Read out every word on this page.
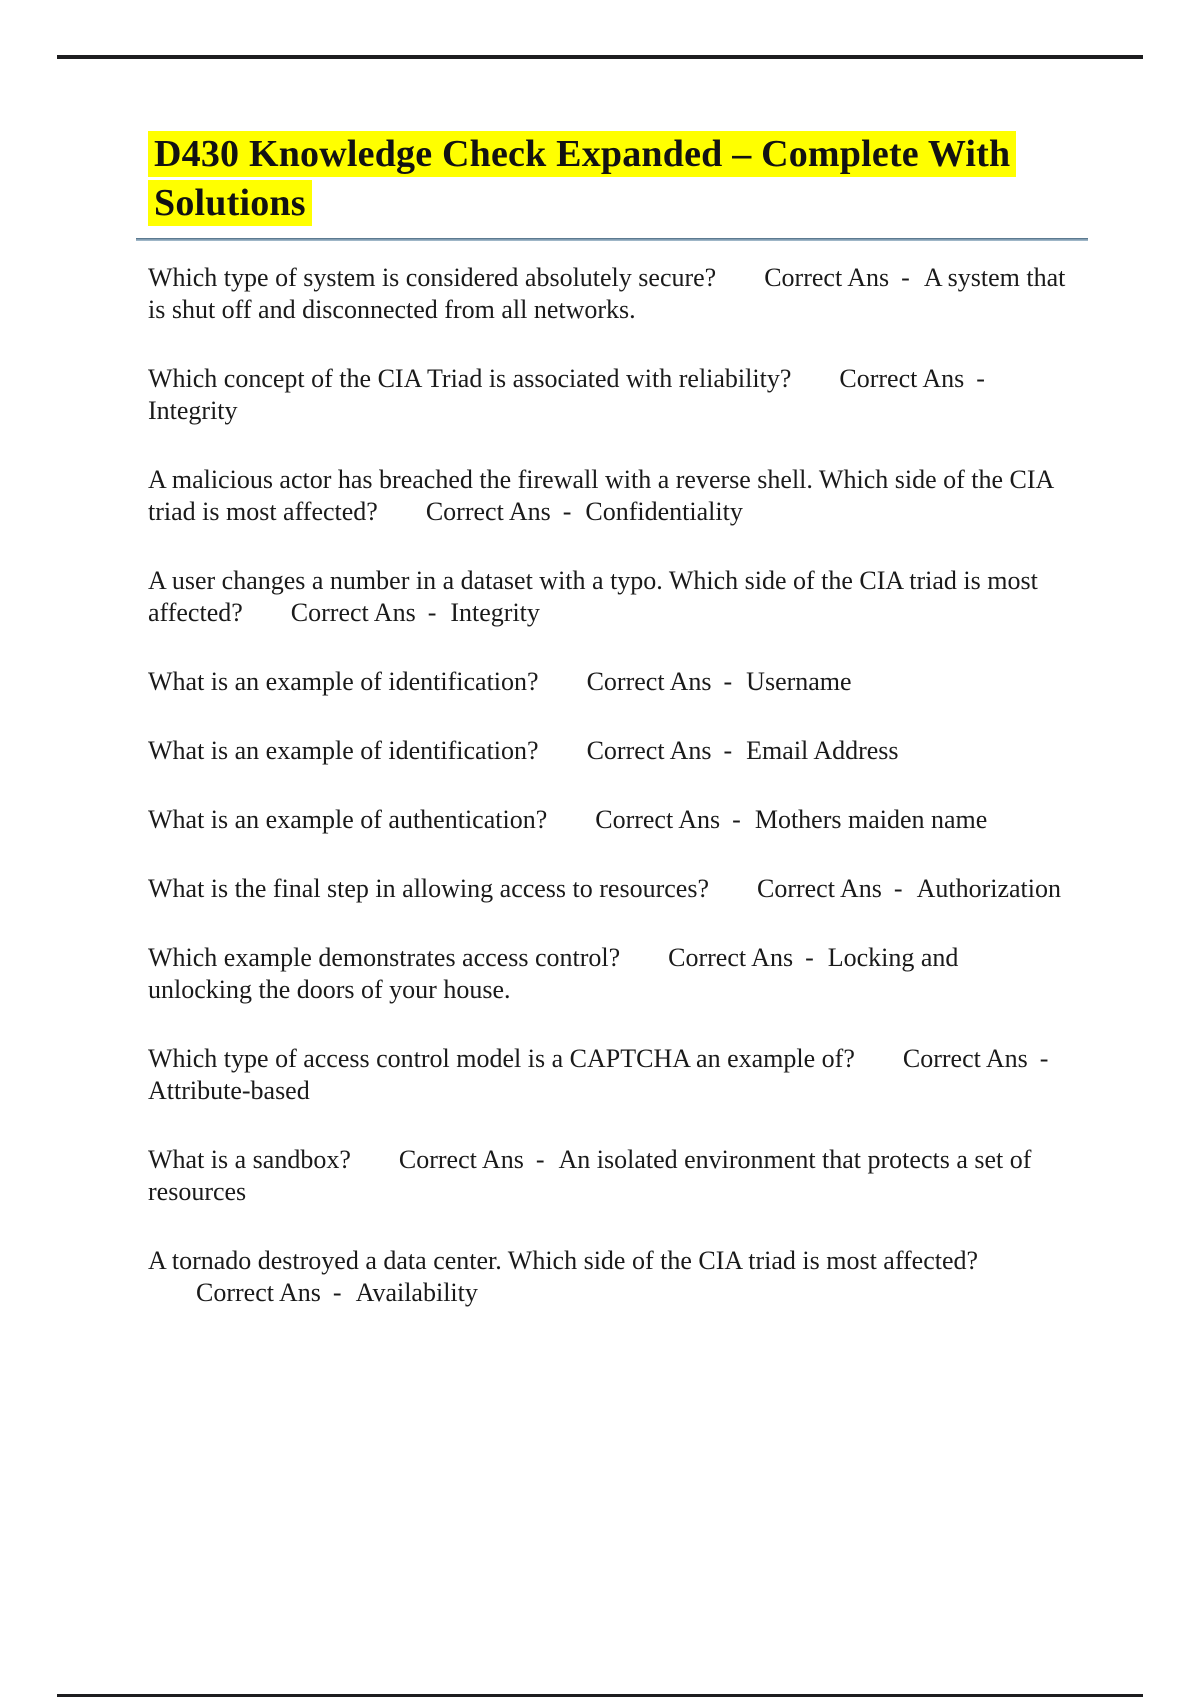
D430 Knowledge Check Expanded – Complete With Solutions

Which type of system is considered absolutely secure? Correct Ans - A system that is shut off and disconnected from all networks.

Which concept of the CIA Triad is associated with reliability? Correct Ans -Integrity

A malicious actor has breached the firewall with a reverse shell. Which side of the CIA triad is most affected? Correct Ans - Confidentiality

A user changes a number in a dataset with a typo. Which side of the CIA triad is most affected? Correct Ans - Integrity

What is an example of identification? Correct Ans - Username

What is an example of identification? Correct Ans - Email Address

What is an example of authentication? Correct Ans - Mothers maiden name

What is the final step in allowing access to resources? Correct Ans - Authorization

Which example demonstrates access control? Correct Ans - Locking and unlocking the doors of your house.

Which type of access control model is a CAPTCHA an example of? Correct Ans -Attribute-based

What is a sandbox? Correct Ans - An isolated environment that protects a set of resources

A tornado destroyed a data center. Which side of the CIA triad is most affected?Correct Ans - Availability
